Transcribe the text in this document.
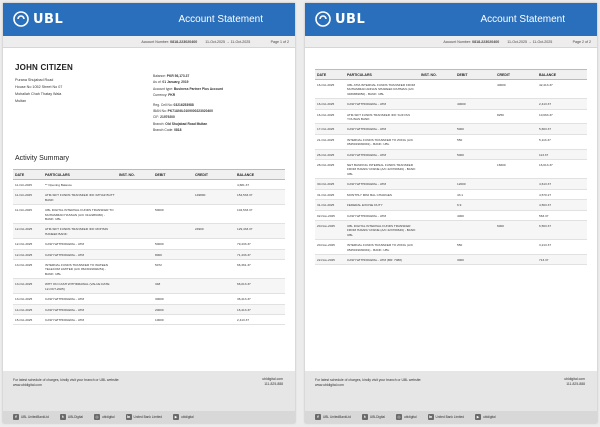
UBL	Account Statement
Account Number: 0818-223020400 11-Oct-2025 → 11-Oct-2025	Page 1 of 2
JOHN CITIZEN
Purana Shujabad Road
House No 1052 Street No 07
Mohallah Chah Thatay Wala
Multan
Balance: PKR 56,173.37
As of: 01 January, 2019
Account type: Business Partner Plus Account
Currency: PKR
Reg. Cell No: 03216253988
IBAN No: PK71UNIL0109000223020400
CIF: 21979200
Branch: Old Shujabad Road Multan
Branch Code: 0818
Activity Summary
DATE	PARTICULARS	INST. NO.	DEBIT	CREDIT	BALANCE
11-Oct-2025	** Opening Balance				4,681.37
11-Oct-2025	ATM-SIFT FUNDS TRANSFER /FR: IMTIAZ BUTT BANK:			149890	154,533.37
11-Oct-2025	UBL DIGITAL INTERNAL FUNDS TRANSFER TO MUHAMMAD HASSAN (A/C 3112289460) - BANK: UBL		50000		104,533.37
12-Oct-2025	ATM-SIFT FUNDS TRANSFER /FR: MOHSIN HANEEF BANK:			24900	129,433.37
12-Oct-2025	CASH WITHDRAWAL - ATM		50000		79,433.37
12-Oct-2025	CASH WITHDRAWAL - ATM		8000		71,433.37
13-Oct-2025	INTERNAL FUNDS TRANSFER TO WATEEN TELECOM LIMITED (A/C 0523019902251) - BANK: UBL		5072		66,361.37
13-Oct-2025	WHT ON CASH WITHDRAWAL (VALUE DATE: 12-OCT-2025)		348		66,013.37
13-Oct-2025	CASH WITHDRAWAL - ATM		30000		36,413.37
14-Oct-2025	CASH WITHDRAWAL - ATM		20000		16,413.37
15-Oct-2025	CASH WITHDRAWAL - ATM		10000		2,413.37
For latest schedule of charges, kindly visit your branch or UBL website: www.ubldigital.com
ubldigital.com
111-825-888
f	UBL UnitedBankLtd	t	UBLDigital	◎	ubldigital	in	United Bank Limited	▶	ubldigital
UBL	Account Statement
Account Number: 0818-223020400 11-Oct-2025 → 11-Oct-2025	Page 2 of 2
DATE	PARTICULARS	INST. NO.	DEBIT	CREDIT	BALANCE
16-Oct-2025	UBL ATM-INTERNAL FUNDS TRANSFER FROM MUHAMMAD ADNAN SHAREEF RAHMAN (A/C 3469869950) - BANK: UBL			40000	42,413.37
16-Oct-2025	CASH WITHDRAWAL - ATM		40000		2,413.37
16-Oct-2025	ATM-SIFT FUNDS TRANSFER /FR: SUFYAN YOUNAS BANK:			8250	10,663.37
17-Oct-2025	CASH WITHDRAWAL - ATM		5000		5,663.37
21-Oct-2025	INTERNAL FUNDS TRANSFER TO ZONG (A/C 0525019930091) - BANK: UBL		550		5,113.37
26-Oct-2025	CASH WITHDRAWAL - ATM		5000		113.37
28-Oct-2025	NET BANKING INTERNAL FUNDS TRANSFER FROM HAMZA YASINE (A/C 223709646) - BANK: UBL			16600	16,613.37
30-Oct-2025	CASH WITHDRAWAL - ATM		12000		4,613.37
31-Oct-2025	MONTHLY MINI BAL CHARGES		43.1		4,570.27
31-Oct-2025	FEDERAL EXCISE DUTY		6.9		4,563.37
02-Nov-2025	CASH WITHDRAWAL - ATM		4000		563.37
20-Nov-2025	UBL DIGITAL INTERNAL FUNDS TRANSFER FROM HAMZA YASINE (A/C 223709646) - BANK: UBL			6000	6,563.37
20-Nov-2025	INTERNAL FUNDS TRANSFER TO ZONG (A/C 0525019930091) - BANK: UBL		550		3,213.37
22-Nov-2025	CASH WITHDRAWAL - ATM (BR: 7088)		3000		713.37
For latest schedule of charges, kindly visit your branch or UBL website: www.ubldigital.com
ubldigital.com
111-825-888
f	UBL UnitedBankLtd	t	UBLDigital	◎	ubldigital	in	United Bank Limited	▶	ubldigital
